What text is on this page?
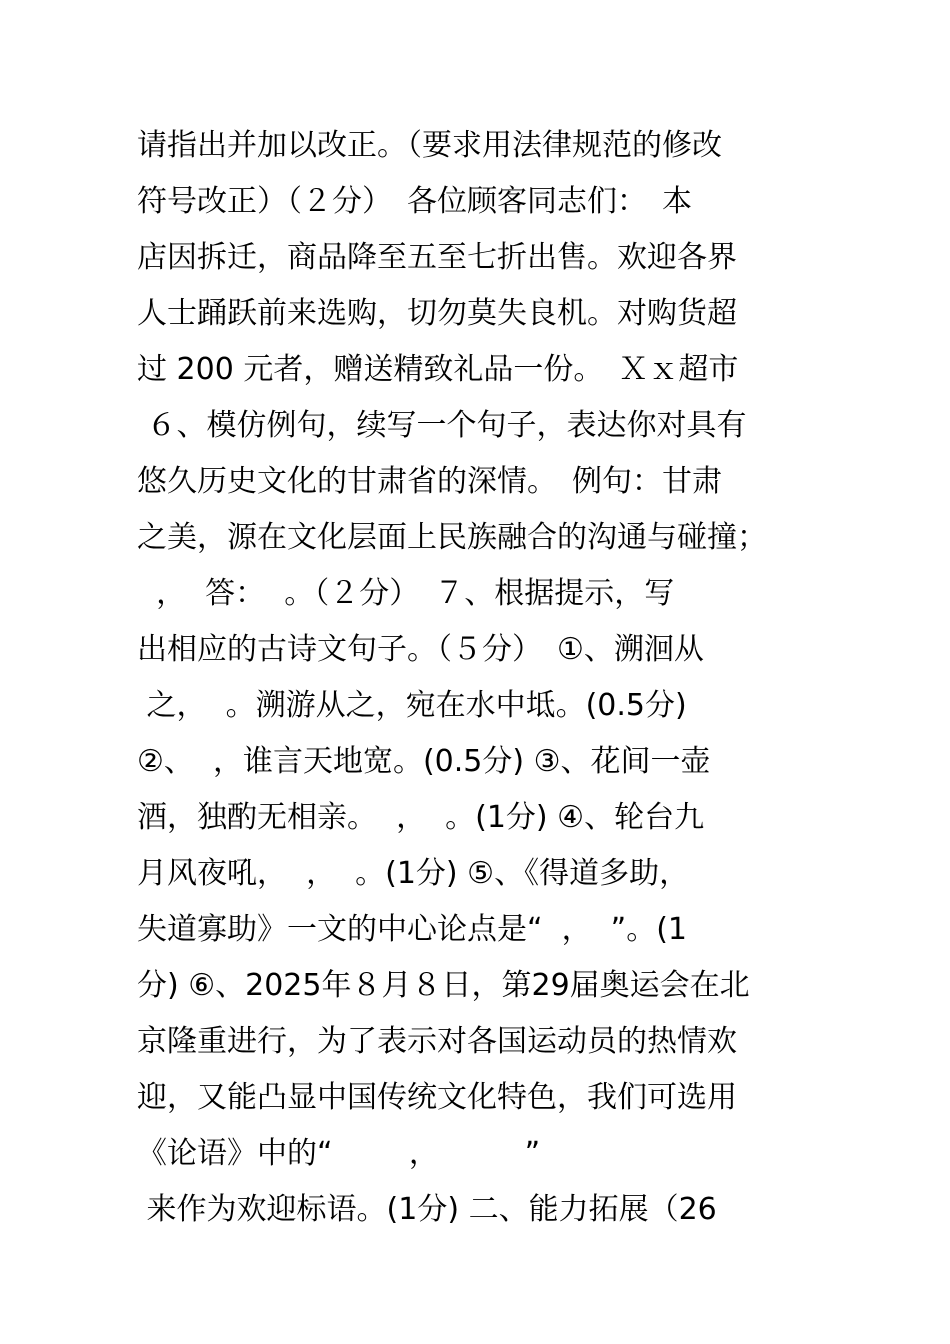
请指出并加以改正。（要求用法律规范的修改
符号改正）（２分）　各位顾客同志们：　本
店因拆迁，商品降至五至七折出售。欢迎各界
人士踊跃前来选购，切勿莫失良机。对购货超
过 200 元者，赠送精致礼品一份。　Ｘｘ超市
６、模仿例句，续写一个句子，表达你对具有
悠久历史文化的甘肃省的深情。　例句：甘肃
之美，源在文化层面上民族融合的沟通与碰撞；
，  答：  。（２分）　７、根据提示，写
出相应的古诗文句子。（５分）　①、溯洄从
之，  。溯游从之，宛在水中坻。(0.5分)
②、  ，谁言天地宽。(0.5分) ③、花间一壶
酒，独酌无相亲。  ，  。(1分) ④、轮台九
月风夜吼，  ，  。(1分) ⑤、《得道多助，
失道寡助》一文的中心论点是“  ，  ”。(1
分) ⑥、2025年８月８日，第29届奥运会在北
京隆重进行，为了表示对各国运动员的热情欢
迎，又能凸显中国传统文化特色，我们可选用
《论语》中的“        ，         ”
来作为欢迎标语。(1分) 二、能力拓展（26
